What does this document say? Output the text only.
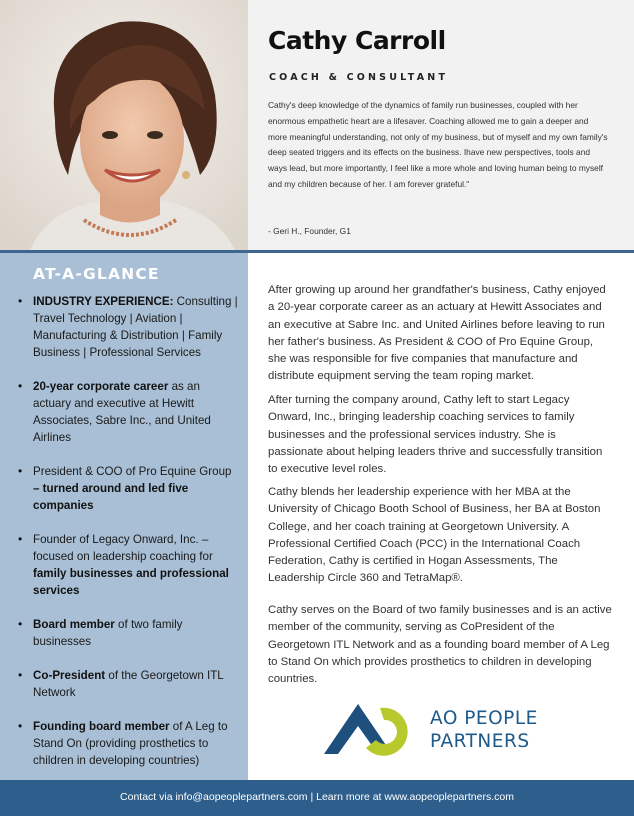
Cathy Carroll
COACH & CONSULTANT
Cathy's deep knowledge of the dynamics of family run businesses, coupled with her enormous empathetic heart are a lifesaver. Coaching allowed me to gain a deeper and more meaningful understanding, not only of my business, but of myself and my own family's deep seated triggers and its effects on the business. Ihave new perspectives, tools and ways lead, but more importantly, I feel like a more whole and loving human being to myself and my children because of her. I am forever grateful."
- Geri H., Founder, G1
AT-A-GLANCE
• INDUSTRY EXPERIENCE: Consulting | Travel Technology | Aviation | Manufacturing & Distribution | Family Business | Professional Services
• 20-year corporate career as an actuary and executive at Hewitt Associates, Sabre Inc., and United Airlines
• President & COO of Pro Equine Group – turned around and led five companies
• Founder of Legacy Onward, Inc. – focused on leadership coaching for family businesses and professional services
• Board member of two family businesses
• Co-President of the Georgetown ITL Network
• Founding board member of A Leg to Stand On (providing prosthetics to children in developing countries)

After growing up around her grandfather's business, Cathy enjoyed a 20-year corporate career as an actuary at Hewitt Associates and an executive at Sabre Inc. and United Airlines before leaving to run her father's business. As President & COO of Pro Equine Group, she was responsible for five companies that manufacture and distribute equipment serving the team roping market.

After turning the company around, Cathy left to start Legacy Onward, Inc., bringing leadership coaching services to family businesses and the professional services industry. She is passionate about helping leaders thrive and successfully transition to executive level roles.

Cathy blends her leadership experience with her MBA at the University of Chicago Booth School of Business, her BA at Boston College, and her coach training at Georgetown University. A Professional Certified Coach (PCC) in the International Coach Federation, Cathy is certified in Hogan Assessments, The Leadership Circle 360 and TetraMap®.

Cathy serves on the Board of two family businesses and is an active member of the community, serving as CoPresident of the Georgetown ITL Network and as a founding board member of A Leg to Stand On which provides prosthetics to children in developing countries.

AO PEOPLE
PARTNERS
Contact via info@aopeoplepartners.com | Learn more at www.aopeoplepartners.com
